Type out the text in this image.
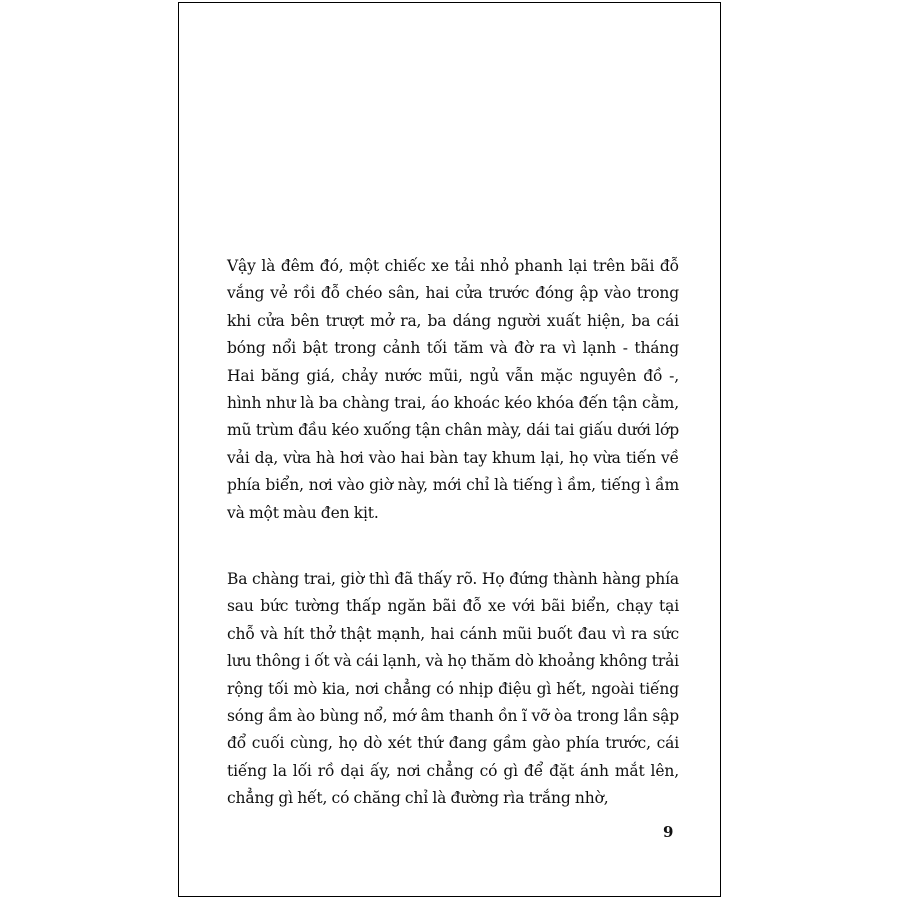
Vậy là đêm đó, một chiếc xe tải nhỏ phanh lại trên bãi đỗ vắng vẻ rồi đỗ chéo sân, hai cửa trước đóng ập vào trong khi cửa bên trượt mở ra, ba dáng người xuất hiện, ba cái bóng nổi bật trong cảnh tối tăm và đờ ra vì lạnh - tháng Hai băng giá, chảy nước mũi, ngủ vẫn mặc nguyên đồ -, hình như là ba chàng trai, áo khoác kéo khóa đến tận cằm, mũ trùm đầu kéo xuống tận chân mày, dái tai giấu dưới lớp vải dạ, vừa hà hơi vào hai bàn tay khum lại, họ vừa tiến về phía biển, nơi vào giờ này, mới chỉ là tiếng ì ầm, tiếng ì ầm và một màu đen kịt.

Ba chàng trai, giờ thì đã thấy rõ. Họ đứng thành hàng phía sau bức tường thấp ngăn bãi đỗ xe với bãi biển, chạy tại chỗ và hít thở thật mạnh, hai cánh mũi buốt đau vì ra sức lưu thông i ốt và cái lạnh, và họ thăm dò khoảng không trải rộng tối mò kia, nơi chẳng có nhịp điệu gì hết, ngoài tiếng sóng ầm ào bùng nổ, mớ âm thanh ồn ĩ vỡ òa trong lần sập đổ cuối cùng, họ dò xét thứ đang gầm gào phía trước, cái tiếng la lối rồ dại ấy, nơi chẳng có gì để đặt ánh mắt lên, chẳng gì hết, có chăng chỉ là đường rìa trắng nhờ,

9
